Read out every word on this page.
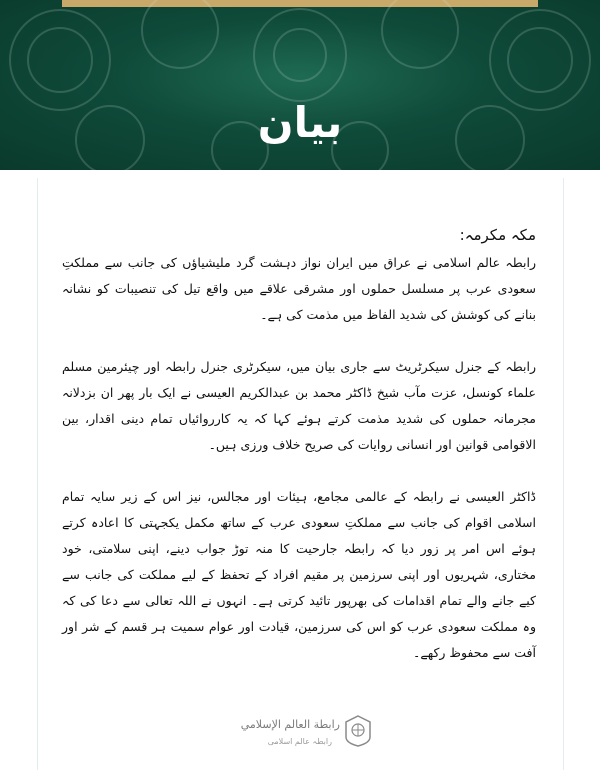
بیان
مکہ مکرمہ:

رابطہ عالم اسلامی نے عراق میں ایران نواز دہشت گرد ملیشیاؤں کی جانب سے مملکتِ سعودی عرب پر مسلسل حملوں اور مشرقی علاقے میں واقع تیل کی تنصیبات کو نشانہ بنانے کی کوشش کی شدید الفاظ میں مذمت کی ہے۔

رابطہ کے جنرل سیکرٹریٹ سے جاری بیان میں، سیکرٹری جنرل رابطہ اور چیئرمین مسلم علماء کونسل، عزت مآب شیخ ڈاکٹر محمد بن عبدالکریم العیسی نے ایک بار پھر ان بزدلانہ مجرمانہ حملوں کی شدید مذمت کرتے ہوئے کہا کہ یہ کارروائیاں تمام دینی اقدار، بین الاقوامی قوانین اور انسانی روایات کی صریح خلاف ورزی ہیں۔

ڈاکٹر العیسی نے رابطہ کے عالمی مجامع، ہیئات اور مجالس، نیز اس کے زیر سایہ تمام اسلامی اقوام کی جانب سے مملکتِ سعودی عرب کے ساتھ مکمل یکجہتی کا اعادہ کرتے ہوئے اس امر پر زور دیا کہ رابطہ جارحیت کا منہ توڑ جواب دینے، اپنی سلامتی، خود مختاری، شہریوں اور اپنی سرزمین پر مقیم افراد کے تحفظ کے لیے مملکت کی جانب سے کیے جانے والے تمام اقدامات کی بھرپور تائید کرتی ہے۔ انہوں نے اللہ تعالی سے دعا کی کہ وہ مملکت سعودی عرب کو اس کی سرزمین، قیادت اور عوام سمیت ہر قسم کے شر اور آفت سے محفوظ رکھے۔

رابطة العالم الإسلامي
رابطہ عالم اسلامی
